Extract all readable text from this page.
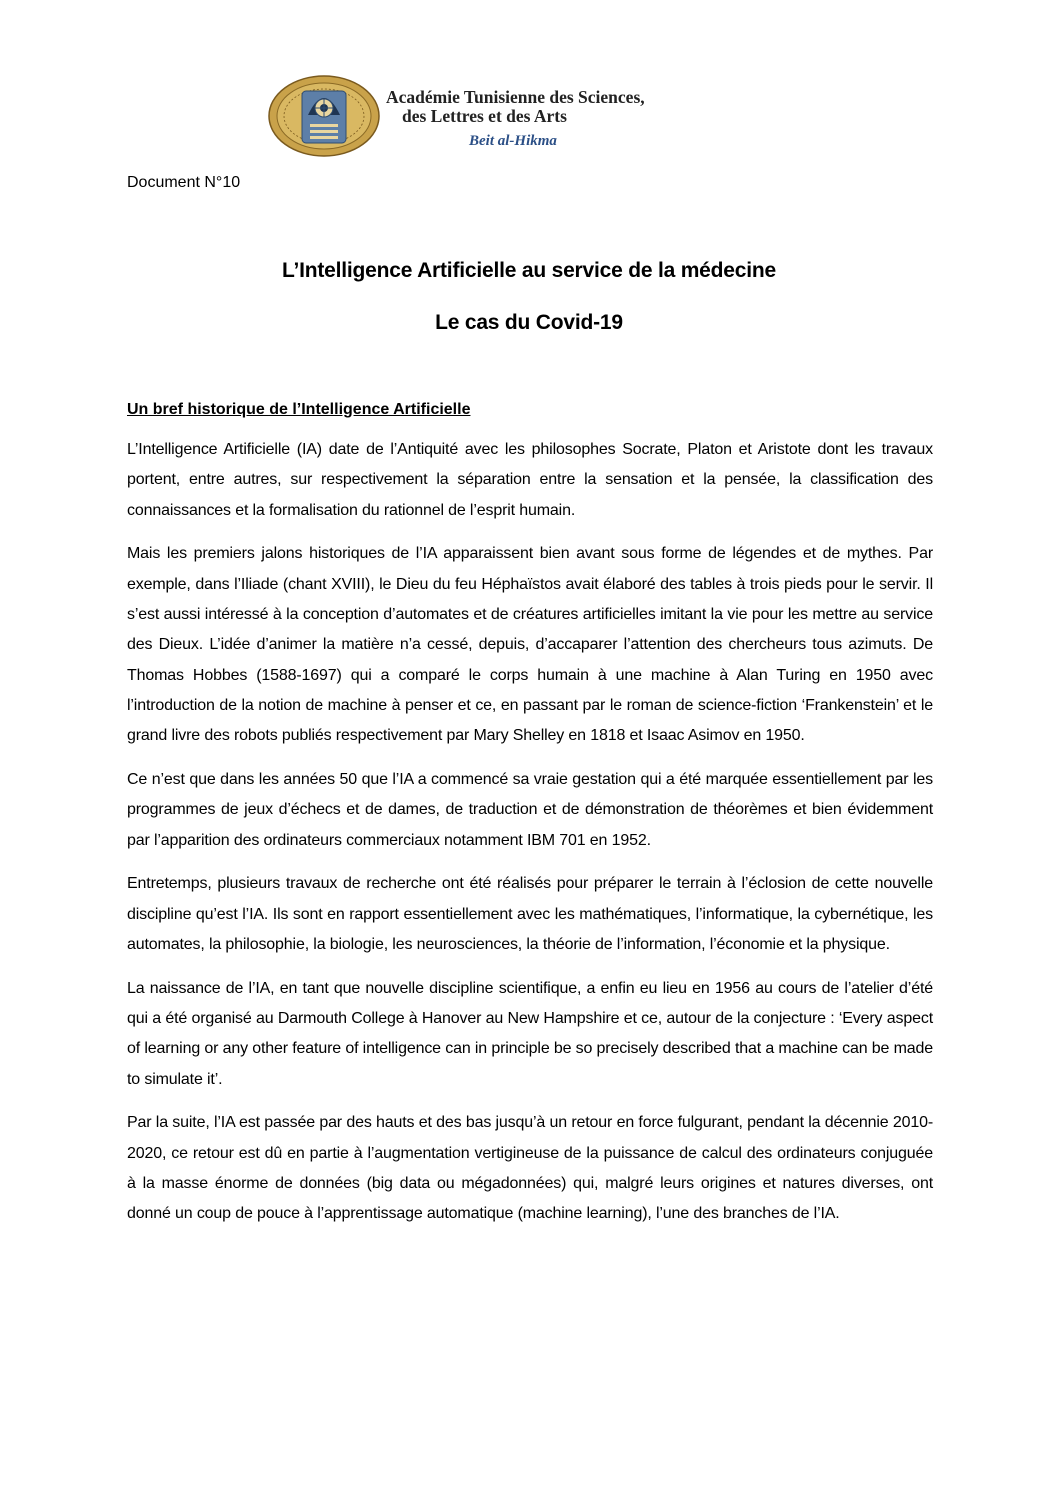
Académie Tunisienne des Sciences,
des Lettres et des Arts
Beit al-Hikma
Document N°10
L’Intelligence Artificielle au service de la médecine
Le cas du Covid-19
Un bref historique de l’Intelligence Artificielle

L’Intelligence Artificielle (IA) date de l’Antiquité avec les philosophes Socrate, Platon et Aristote dont les travaux portent, entre autres, sur respectivement la séparation entre la sensation et la pensée, la classification des connaissances et la formalisation du rationnel de l’esprit humain.

Mais les premiers jalons historiques de l’IA apparaissent bien avant sous forme de légendes et de mythes. Par exemple, dans l’Iliade (chant XVIII), le Dieu du feu Héphaïstos avait élaboré des tables à trois pieds pour le servir. Il s’est aussi intéressé à la conception d’automates et de créatures artificielles imitant la vie pour les mettre au service des Dieux. L’idée d’animer la matière n’a cessé, depuis, d’accaparer l’attention des chercheurs tous azimuts. De Thomas Hobbes (1588-1697) qui a comparé le corps humain à une machine à Alan Turing en 1950 avec l’introduction de la notion de machine à penser et ce, en passant par le roman de science-fiction ‘Frankenstein’ et le grand livre des robots publiés respectivement par Mary Shelley en 1818 et Isaac Asimov en 1950.

Ce n’est que dans les années 50 que l’IA a commencé sa vraie gestation qui a été marquée essentiellement par les programmes de jeux d’échecs et de dames, de traduction et de démonstration de théorèmes et bien évidemment par l’apparition des ordinateurs commerciaux notamment IBM 701 en 1952.

Entretemps, plusieurs travaux de recherche ont été réalisés pour préparer le terrain à l’éclosion de cette nouvelle discipline qu’est l’IA. Ils sont en rapport essentiellement avec les mathématiques, l’informatique, la cybernétique, les automates, la philosophie, la biologie, les neurosciences, la théorie de l’information, l’économie et la physique.

La naissance de l’IA, en tant que nouvelle discipline scientifique, a enfin eu lieu en 1956 au cours de l’atelier d’été qui a été organisé au Darmouth College à Hanover au New Hampshire et ce, autour de la conjecture : ‘Every aspect of learning or any other feature of intelligence can in principle be so precisely described that a machine can be made to simulate it’.

Par la suite, l’IA est passée par des hauts et des bas jusqu’à un retour en force fulgurant, pendant la décennie 2010-2020, ce retour est dû en partie à l’augmentation vertigineuse de la puissance de calcul des ordinateurs conjuguée à la masse énorme de données (big data ou mégadonnées) qui, malgré leurs origines et natures diverses, ont donné un coup de pouce à l’apprentissage automatique (machine learning), l’une des branches de l’IA.
